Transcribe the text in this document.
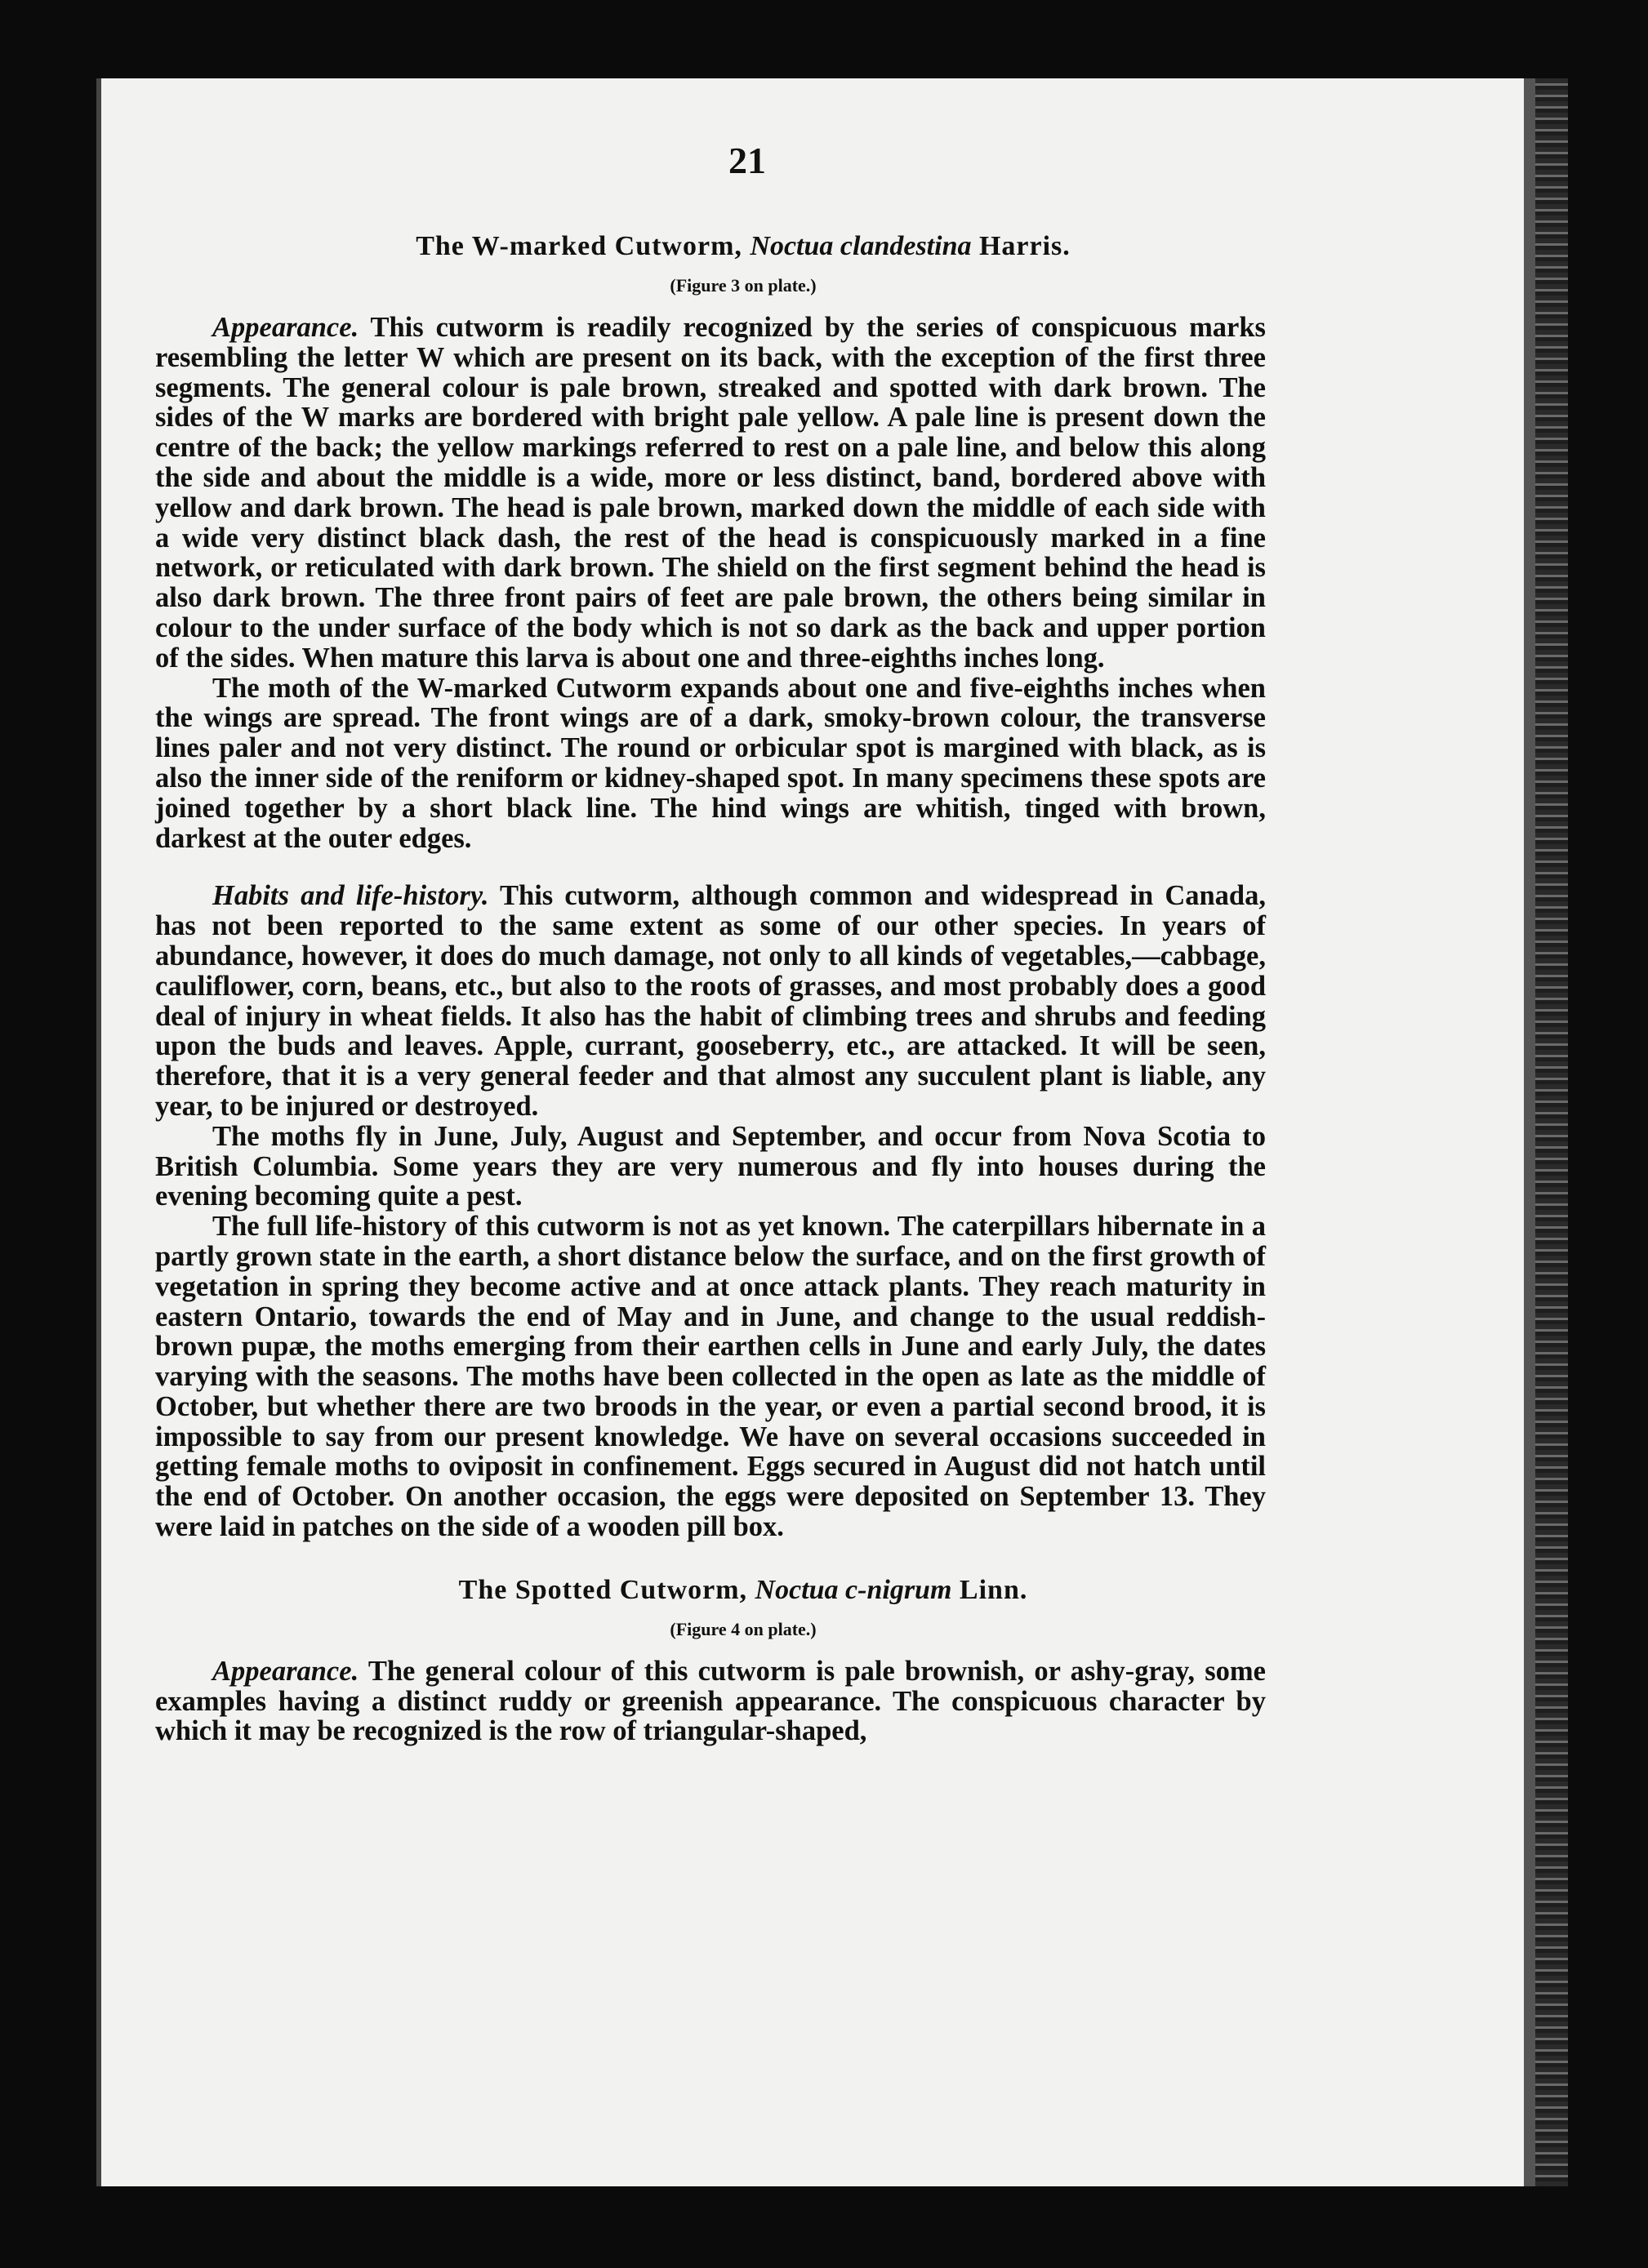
21
The W-marked Cutworm, Noctua clandestina Harris.
(Figure 3 on plate.)

Appearance. This cutworm is readily recognized by the series of conspicuous marks resembling the letter W which are present on its back, with the exception of the first three segments. The general colour is pale brown, streaked and spotted with dark brown. The sides of the W marks are bordered with bright pale yellow. A pale line is present down the centre of the back; the yellow markings referred to rest on a pale line, and below this along the side and about the middle is a wide, more or less distinct, band, bordered above with yellow and dark brown. The head is pale brown, marked down the middle of each side with a wide very distinct black dash, the rest of the head is conspicuously marked in a fine network, or reticulated with dark brown. The shield on the first segment behind the head is also dark brown. The three front pairs of feet are pale brown, the others being similar in colour to the under surface of the body which is not so dark as the back and upper portion of the sides. When mature this larva is about one and three-eighths inches long.

The moth of the W-marked Cutworm expands about one and five-eighths inches when the wings are spread. The front wings are of a dark, smoky-brown colour, the transverse lines paler and not very distinct. The round or orbicular spot is margined with black, as is also the inner side of the reniform or kidney-shaped spot. In many specimens these spots are joined together by a short black line. The hind wings are whitish, tinged with brown, darkest at the outer edges.

Habits and life-history. This cutworm, although common and widespread in Canada, has not been reported to the same extent as some of our other species. In years of abundance, however, it does do much damage, not only to all kinds of vegetables,—cabbage, cauliflower, corn, beans, etc., but also to the roots of grasses, and most probably does a good deal of injury in wheat fields. It also has the habit of climbing trees and shrubs and feeding upon the buds and leaves. Apple, currant, gooseberry, etc., are attacked. It will be seen, therefore, that it is a very general feeder and that almost any succulent plant is liable, any year, to be injured or destroyed.

The moths fly in June, July, August and September, and occur from Nova Scotia to British Columbia. Some years they are very numerous and fly into houses during the evening becoming quite a pest.

The full life-history of this cutworm is not as yet known. The caterpillars hibernate in a partly grown state in the earth, a short distance below the surface, and on the first growth of vegetation in spring they become active and at once attack plants. They reach maturity in eastern Ontario, towards the end of May and in June, and change to the usual reddish-brown pupæ, the moths emerging from their earthen cells in June and early July, the dates varying with the seasons. The moths have been collected in the open as late as the middle of October, but whether there are two broods in the year, or even a partial second brood, it is impossible to say from our present knowledge. We have on several occasions succeeded in getting female moths to oviposit in confinement. Eggs secured in August did not hatch until the end of October. On another occasion, the eggs were deposited on September 13. They were laid in patches on the side of a wooden pill box.

The Spotted Cutworm, Noctua c-nigrum Linn.
(Figure 4 on plate.)

Appearance. The general colour of this cutworm is pale brownish, or ashy-gray, some examples having a distinct ruddy or greenish appearance. The conspicuous character by which it may be recognized is the row of triangular-shaped,
